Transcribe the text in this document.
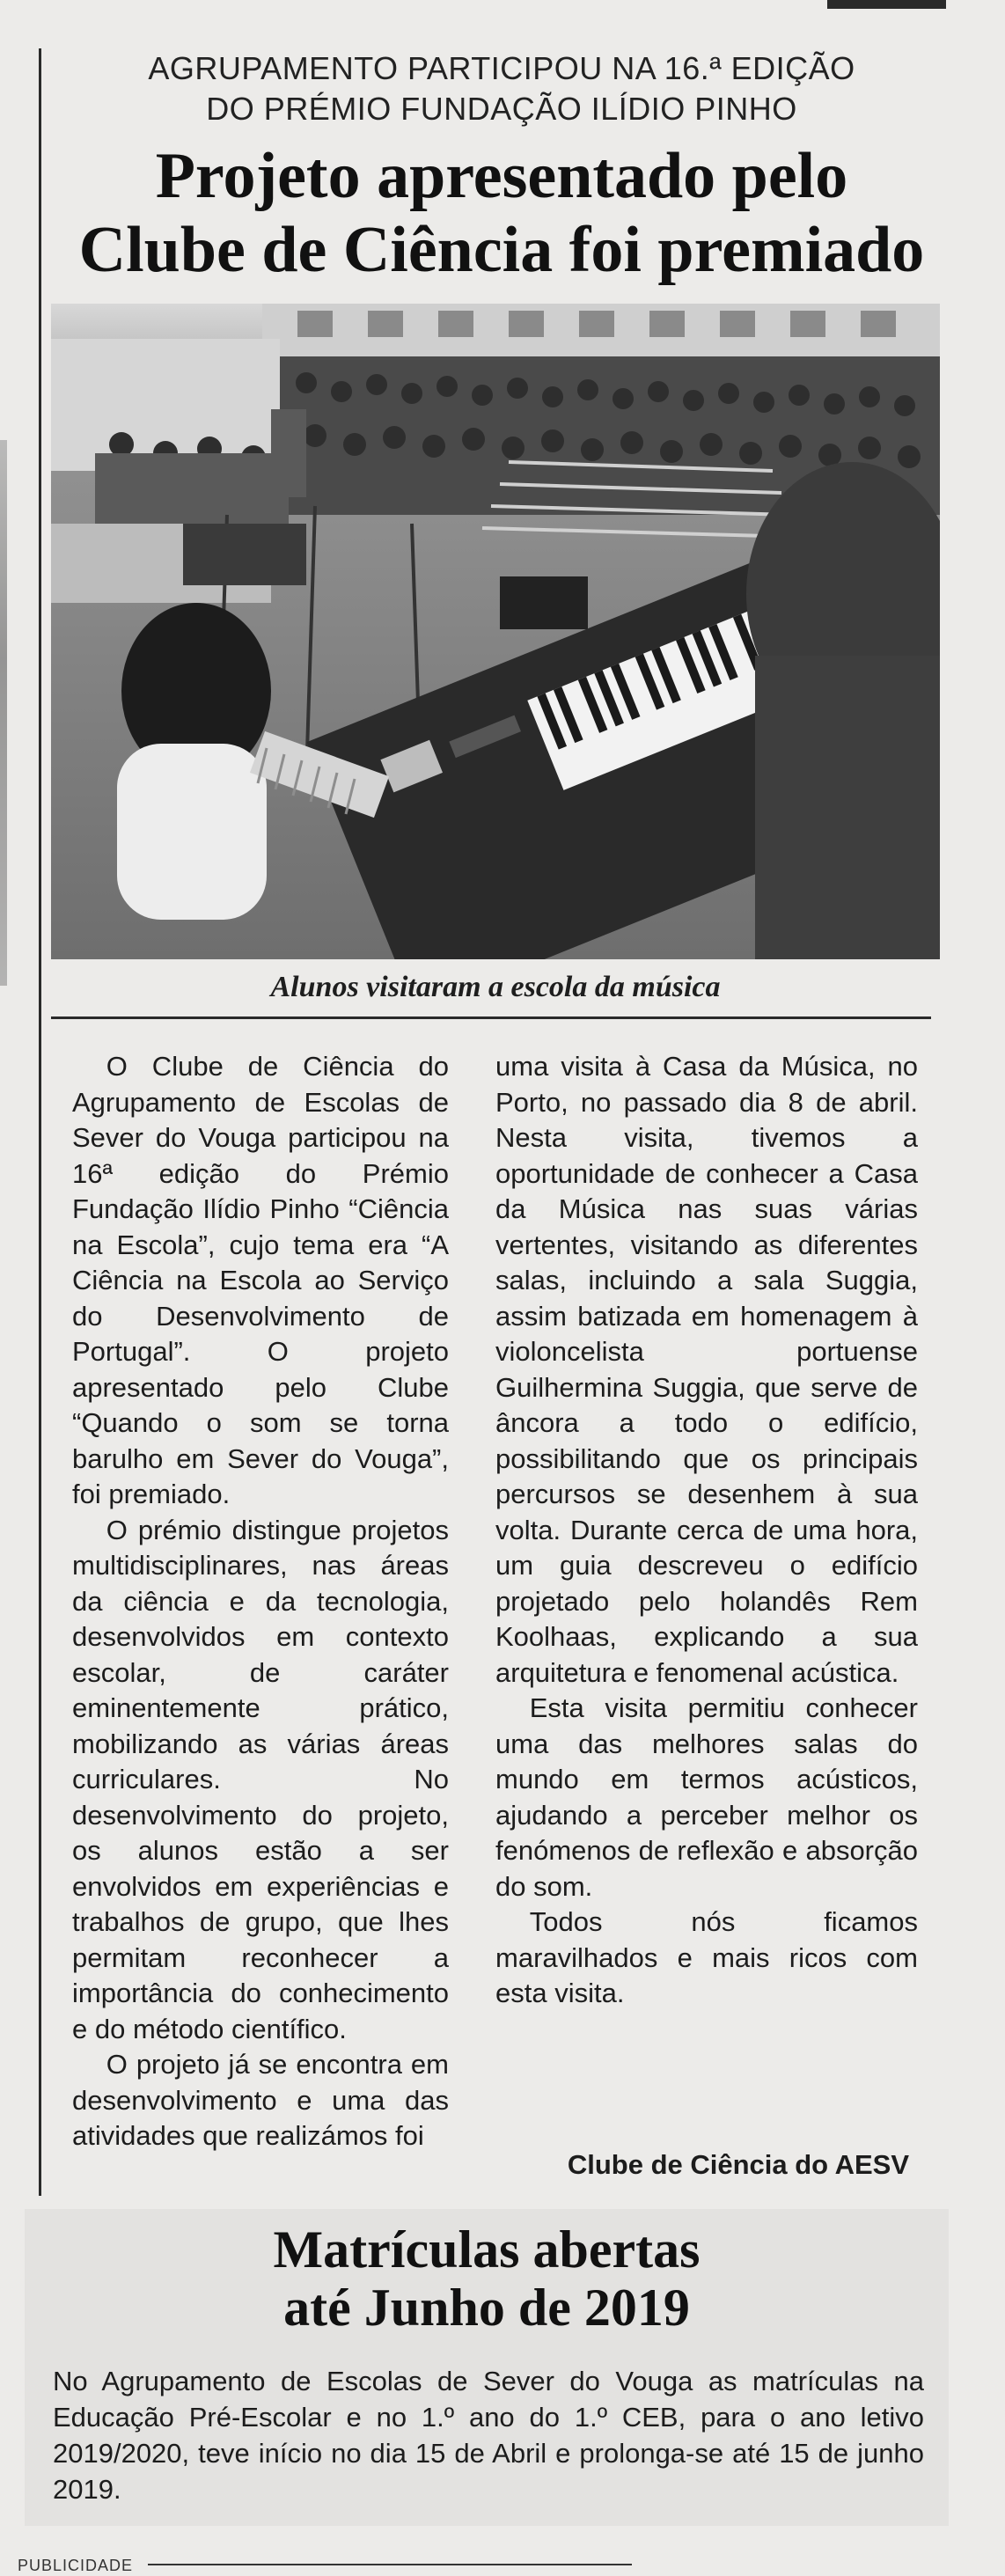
AGRUPAMENTO PARTICIPOU NA 16.ª EDIÇÃO
DO PRÉMIO FUNDAÇÃO ILÍDIO PINHO
Projeto apresentado pelo
Clube de Ciência foi premiado
Alunos visitaram a escola da música

O Clube de Ciência do Agrupamento de Escolas de Sever do Vouga participou na 16ª edição do Prémio Fundação Ilídio Pinho “Ciência na Escola”, cujo tema era “A Ciência na Escola ao Serviço do Desenvolvimento de Portugal”. O projeto apresentado pelo Clube “Quando o som se torna barulho em Sever do Vouga”, foi premiado.

O prémio distingue projetos multidisciplinares, nas áreas da ciência e da tecnologia, desenvolvidos em contexto escolar, de caráter eminentemente prático, mobilizando as várias áreas curriculares. No desenvolvimento do projeto, os alunos estão a ser envolvidos em experiências e trabalhos de grupo, que lhes permitam reconhecer a importância do conhecimento e do método científico.

O projeto já se encontra em desenvolvimento e uma das atividades que realizámos foi

uma visita à Casa da Música, no Porto, no passado dia 8 de abril. Nesta visita, tivemos a oportunidade de conhecer a Casa da Música nas suas várias vertentes, visitando as diferentes salas, incluindo a sala Suggia, assim batizada em homenagem à violoncelista portuense Guilhermina Suggia, que serve de âncora a todo o edifício, possibilitando que os principais percursos se desenhem à sua volta. Durante cerca de uma hora, um guia descreveu o edifício projetado pelo holandês Rem Koolhaas, explicando a sua arquitetura e fenomenal acústica.

Esta visita permitiu conhecer uma das melhores salas do mundo em termos acústicos, ajudando a perceber melhor os fenómenos de reflexão e absorção do som.

Todos nós ficamos maravilhados e mais ricos com esta visita.

Clube de Ciência do AESV
Matrículas abertas
até Junho de 2019
No Agrupamento de Escolas de Sever do Vouga as matrículas na Educação Pré-Escolar e no 1.º ano do 1.º CEB, para o ano letivo 2019/2020, teve início no dia 15 de Abril e prolonga-se até 15 de junho 2019.
PUBLICIDADE
